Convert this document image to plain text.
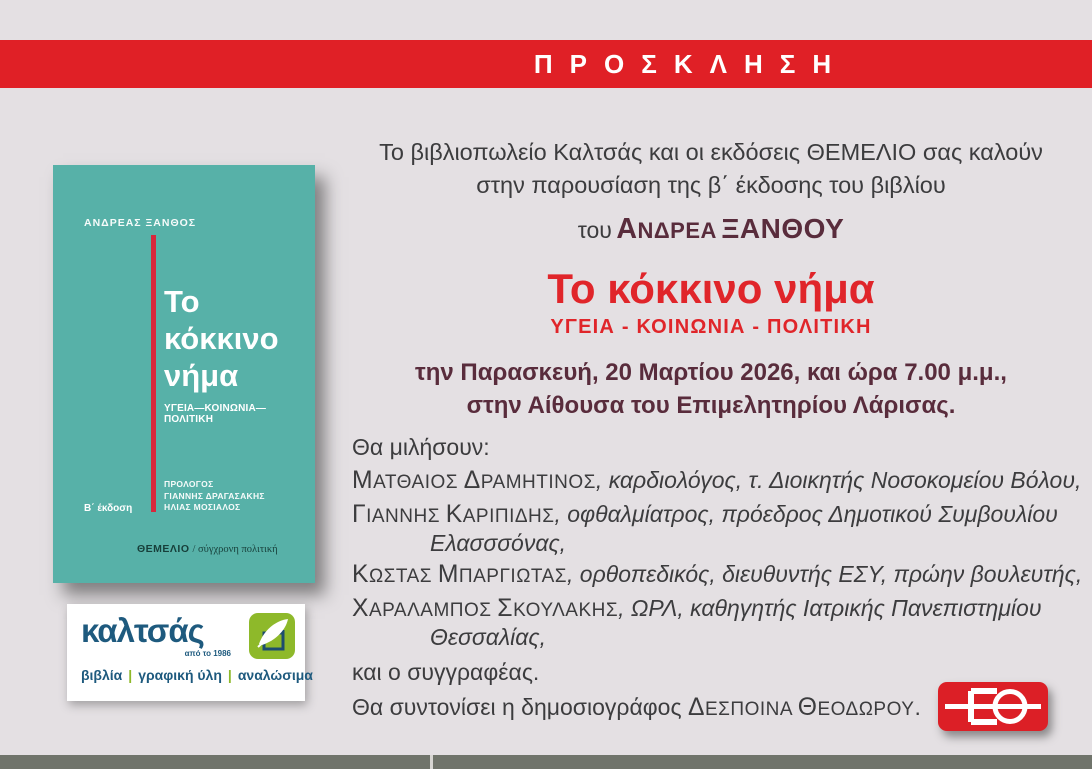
ΠΡΟΣΚΛΗΣΗ
ΑΝΔΡΕΑΣ ΞΑΝΘΟΣ
Το κόκκινο νήμα
ΥΓΕΙΑ—ΚΟΙΝΩΝΙΑ—ΠΟΛΙΤΙΚΗ
ΠΡΟΛΟΓΟΣ
ΓΙΑΝΝΗΣ ΔΡΑΓΑΣΑΚΗΣ
ΗΛΙΑΣ ΜΟΣΙΑΛΟΣ
Β΄ έκδοση
ΘΕΜΕΛΙΟ / σύγχρονη πολιτική
καλτσάς
από το 1986
βιβλία | γραφική ύλη | αναλώσιμα
Το βιβλιοπωλείο Καλτσάς και οι εκδόσεις ΘΕΜΕΛΙΟ σας καλούν
στην παρουσίαση της β΄ έκδοσης του βιβλίου
του ΑΝΔΡΕΑ ΞΑΝΘΟΥ
Το κόκκινο νήμα
ΥΓΕΙΑ - ΚΟΙΝΩΝΙΑ - ΠΟΛΙΤΙΚΗ
την Παρασκευή, 20 Μαρτίου 2026, και ώρα 7.00 μ.μ.,
στην Αίθουσα του Επιμελητηρίου Λάρισας.
Θα μιλήσουν:
ΜΑΤΘΑΙΟΣ ΔΡΑΜΗΤΙΝΟΣ, καρδιολόγος, τ. Διοικητής Νοσοκομείου Βόλου,
ΓΙΑΝΝΗΣ ΚΑΡΙΠΙΔΗΣ, οφθαλμίατρος, πρόεδρος Δημοτικού Συμβουλίου Ελασσσόνας,
ΚΩΣΤΑΣ ΜΠΑΡΓΙΩΤΑΣ, ορθοπεδικός, διευθυντής ΕΣΥ, πρώην βουλευτής,
ΧΑΡΑΛΑΜΠΟΣ ΣΚΟΥΛΑΚΗΣ, ΩΡΛ, καθηγητής Ιατρικής Πανεπιστημίου Θεσσαλίας,
και ο συγγραφέας.
Θα συντονίσει η δημοσιογράφος ΔΕΣΠΟΙΝΑ ΘΕΟΔΩΡΟΥ.
